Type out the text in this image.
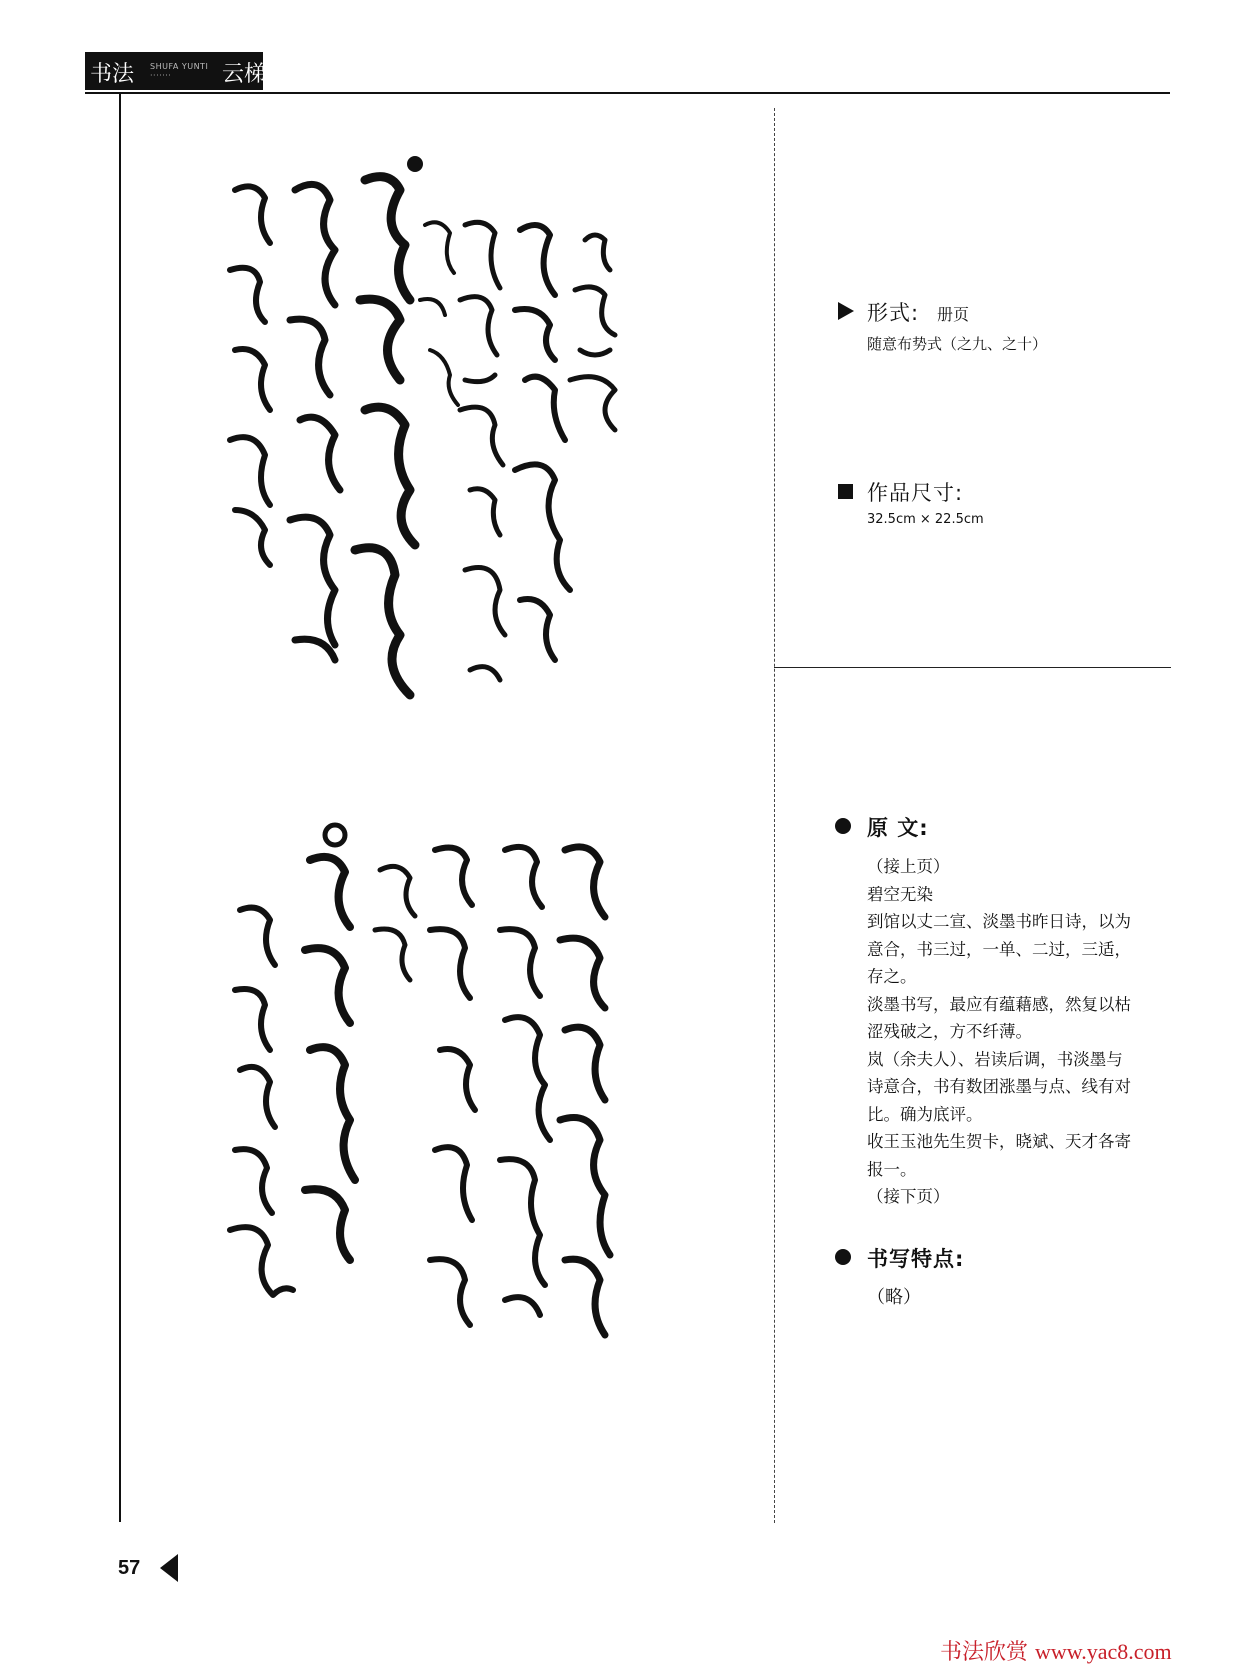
书法 SHUFA YUNTI
·······	云梯
形式: 册页
随意布势式（之九、之十）
作品尺寸:
32.5cm × 22.5cm
原 文:

（接上页）

碧空无染

到馆以丈二宣、淡墨书昨日诗，以为意合，书三过，一单、二过，三适，存之。

淡墨书写，最应有蕴藉感，然复以枯涩残破之，方不纤薄。

岚（余夫人）、岩读后调，书淡墨与诗意合，书有数团涨墨与点、线有对比。确为底评。

收王玉池先生贺卡，晓斌、天才各寄报一。

（接下页）

书写特点:
（略）
57
书法欣赏 www.yac8.com
